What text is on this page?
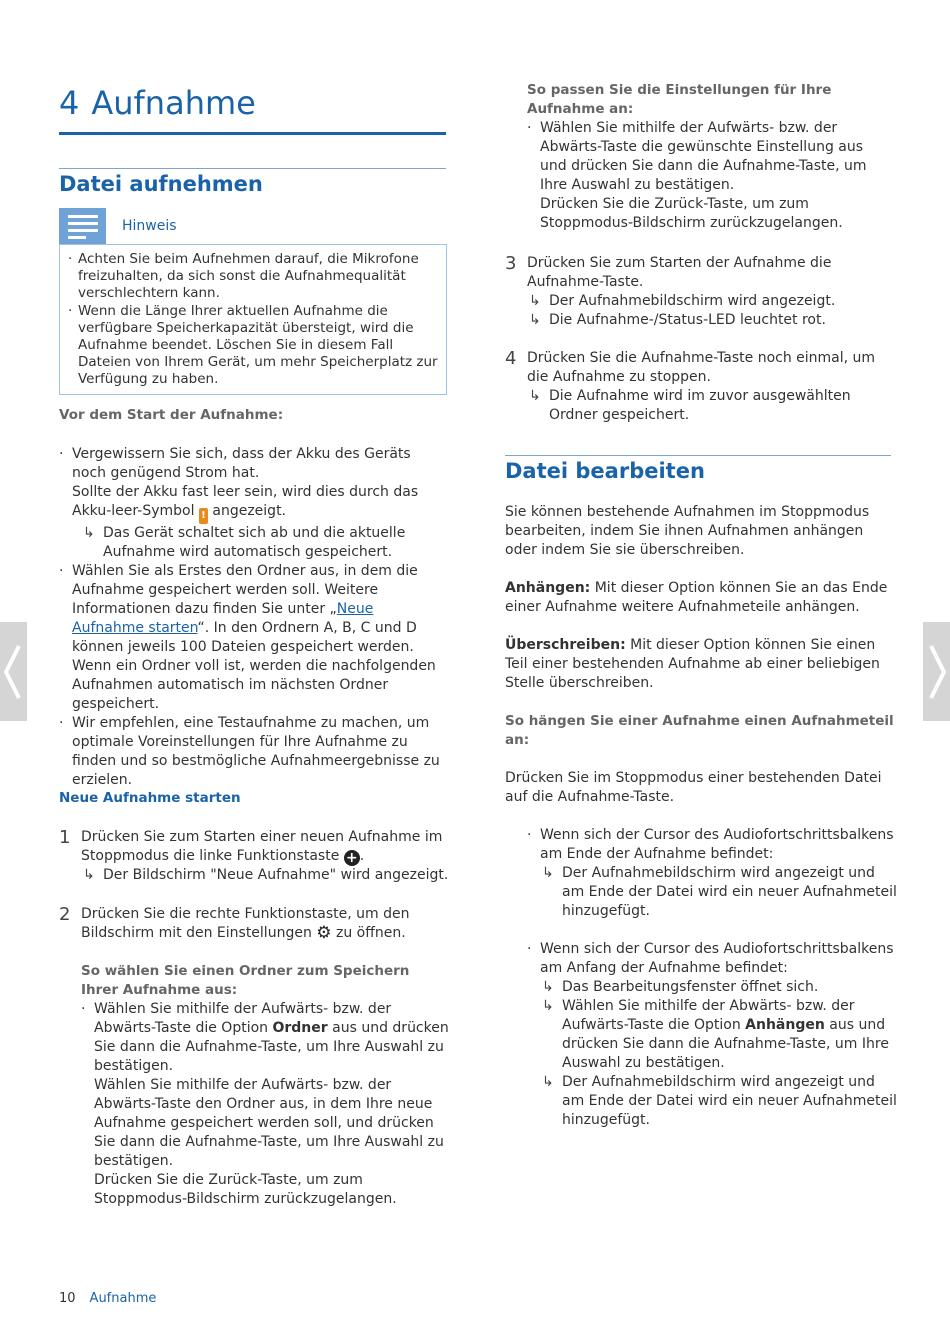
4 Aufnahme
Datei aufnehmen
Hinweis
· Achten Sie beim Aufnehmen darauf, die Mikrofone freizuhalten, da sich sonst die Aufnahmequalität verschlechtern kann.
· Wenn die Länge Ihrer aktuellen Aufnahme die verfügbare Speicherkapazität übersteigt, wird die Aufnahme beendet. Löschen Sie in diesem Fall Dateien von Ihrem Gerät, um mehr Speicherplatz zur Verfügung zu haben.
Vor dem Start der Aufnahme:
· Vergewissern Sie sich, dass der Akku des Geräts noch genügend Strom hat.
Sollte der Akku fast leer sein, wird dies durch das Akku-leer-Symbol ! angezeigt.
↳ Das Gerät schaltet sich ab und die aktuelle Aufnahme wird automatisch gespeichert.
· Wählen Sie als Erstes den Ordner aus, in dem die Aufnahme gespeichert werden soll. Weitere Informationen dazu finden Sie unter „Neue Aufnahme starten“. In den Ordnern A, B, C und D können jeweils 100 Dateien gespeichert werden.
Wenn ein Ordner voll ist, werden die nachfolgenden Aufnahmen automatisch im nächsten Ordner gespeichert.
· Wir empfehlen, eine Testaufnahme zu machen, um optimale Voreinstellungen für Ihre Aufnahme zu finden und so bestmögliche Aufnahmeergebnisse zu erzielen.
Neue Aufnahme starten
1 Drücken Sie zum Starten einer neuen Aufnahme im Stoppmodus die linke Funktionstaste + .
↳ Der Bildschirm "Neue Aufnahme" wird angezeigt.
2 Drücken Sie die rechte Funktionstaste, um den Bildschirm mit den Einstellungen ⚙ zu öffnen.
So wählen Sie einen Ordner zum Speichern Ihrer Aufnahme aus:
· Wählen Sie mithilfe der Aufwärts- bzw. der Abwärts-Taste die Option Ordner aus und drücken Sie dann die Aufnahme-Taste, um Ihre Auswahl zu bestätigen.
Wählen Sie mithilfe der Aufwärts- bzw. der Abwärts-Taste den Ordner aus, in dem Ihre neue Aufnahme gespeichert werden soll, und drücken Sie dann die Aufnahme-Taste, um Ihre Auswahl zu bestätigen.
Drücken Sie die Zurück-Taste, um zum Stoppmodus-Bildschirm zurückzugelangen.
So passen Sie die Einstellungen für Ihre Aufnahme an:
· Wählen Sie mithilfe der Aufwärts- bzw. der Abwärts-Taste die gewünschte Einstellung aus und drücken Sie dann die Aufnahme-Taste, um Ihre Auswahl zu bestätigen.
Drücken Sie die Zurück-Taste, um zum Stoppmodus-Bildschirm zurückzugelangen.
3 Drücken Sie zum Starten der Aufnahme die Aufnahme-Taste.
↳ Der Aufnahmebildschirm wird angezeigt.
↳ Die Aufnahme-/Status-LED leuchtet rot.
4 Drücken Sie die Aufnahme-Taste noch einmal, um die Aufnahme zu stoppen.
↳ Die Aufnahme wird im zuvor ausgewählten Ordner gespeichert.
Datei bearbeiten
Sie können bestehende Aufnahmen im Stoppmodus bearbeiten, indem Sie ihnen Aufnahmen anhängen oder indem Sie sie überschreiben.
Anhängen: Mit dieser Option können Sie an das Ende einer Aufnahme weitere Aufnahmeteile anhängen.
Überschreiben: Mit dieser Option können Sie einen Teil einer bestehenden Aufnahme ab einer beliebigen Stelle überschreiben.
So hängen Sie einer Aufnahme einen Aufnahmeteil an:
Drücken Sie im Stoppmodus einer bestehenden Datei auf die Aufnahme-Taste.
· Wenn sich der Cursor des Audiofortschrittsbalkens am Ende der Aufnahme befindet:
↳ Der Aufnahmebildschirm wird angezeigt und am Ende der Datei wird ein neuer Aufnahmeteil hinzugefügt.
· Wenn sich der Cursor des Audiofortschrittsbalkens am Anfang der Aufnahme befindet:
↳ Das Bearbeitungsfenster öffnet sich.
↳ Wählen Sie mithilfe der Abwärts- bzw. der Aufwärts-Taste die Option Anhängen aus und drücken Sie dann die Aufnahme-Taste, um Ihre Auswahl zu bestätigen.
↳ Der Aufnahmebildschirm wird angezeigt und am Ende der Datei wird ein neuer Aufnahmeteil hinzugefügt.
10 Aufnahme
